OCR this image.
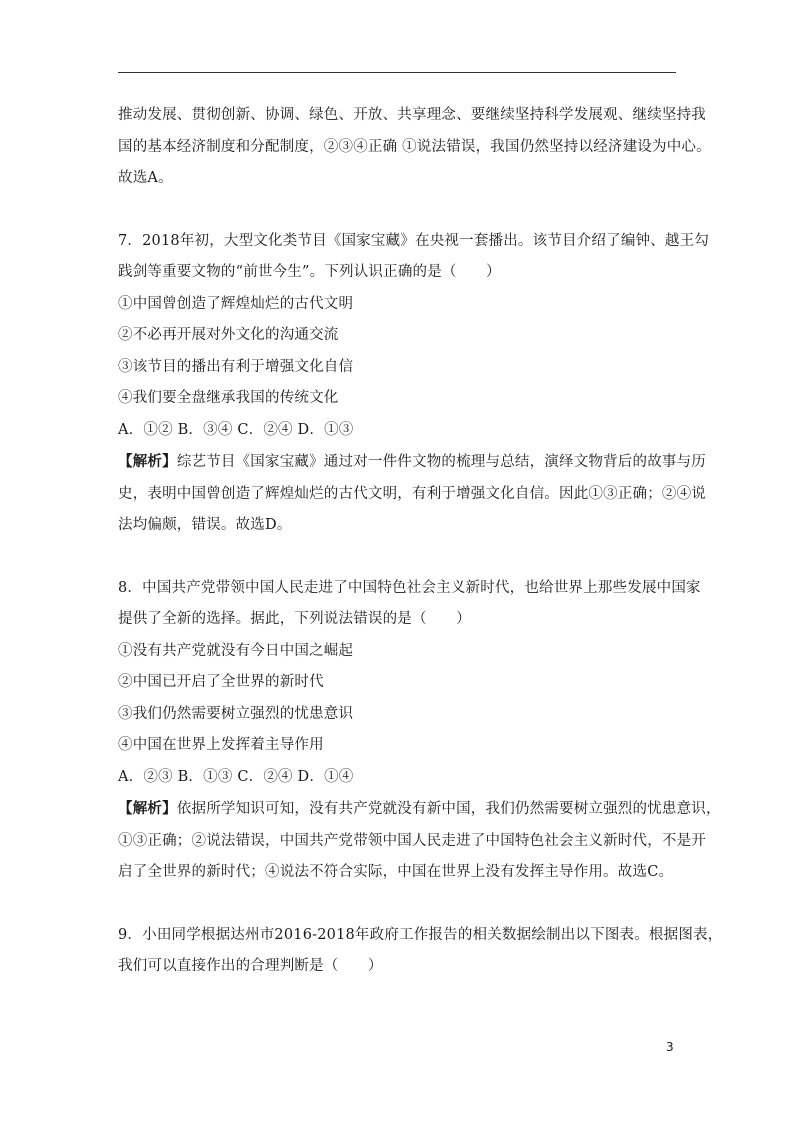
推动发展、贯彻创新、协调、绿色、开放、共享理念、要继续坚持科学发展观、继续坚持我
国的基本经济制度和分配制度，②③④正确 ①说法错误，我国仍然坚持以经济建设为中心。
故选A。
7．2018年初，大型文化类节目《国家宝藏》在央视一套播出。该节目介绍了编钟、越王勾
践剑等重要文物的“前世今生”。下列认识正确的是（　　）
①中国曾创造了辉煌灿烂的古代文明
②不必再开展对外文化的沟通交流
③该节目的播出有利于增强文化自信
④我们要全盘继承我国的传统文化
A．①② B．③④ C．②④ D．①③
【解析】综艺节目《国家宝藏》通过对一件件文物的梳理与总结，演绎文物背后的故事与历
史，表明中国曾创造了辉煌灿烂的古代文明，有利于增强文化自信。因此①③正确；②④说
法均偏颇，错误。故选D。
8．中国共产党带领中国人民走进了中国特色社会主义新时代，也给世界上那些发展中国家
提供了全新的选择。据此，下列说法错误的是（　　）
①没有共产党就没有今日中国之崛起
②中国已开启了全世界的新时代
③我们仍然需要树立强烈的忧患意识
④中国在世界上发挥着主导作用
A．②③ B．①③ C．②④ D．①④
【解析】依据所学知识可知，没有共产党就没有新中国，我们仍然需要树立强烈的忧患意识，
①③正确；②说法错误，中国共产党带领中国人民走进了中国特色社会主义新时代，不是开
启了全世界的新时代；④说法不符合实际，中国在世界上没有发挥主导作用。故选C。
9．小田同学根据达州市2016-2018年政府工作报告的相关数据绘制出以下图表。根据图表，
我们可以直接作出的合理判断是（　　）
3
